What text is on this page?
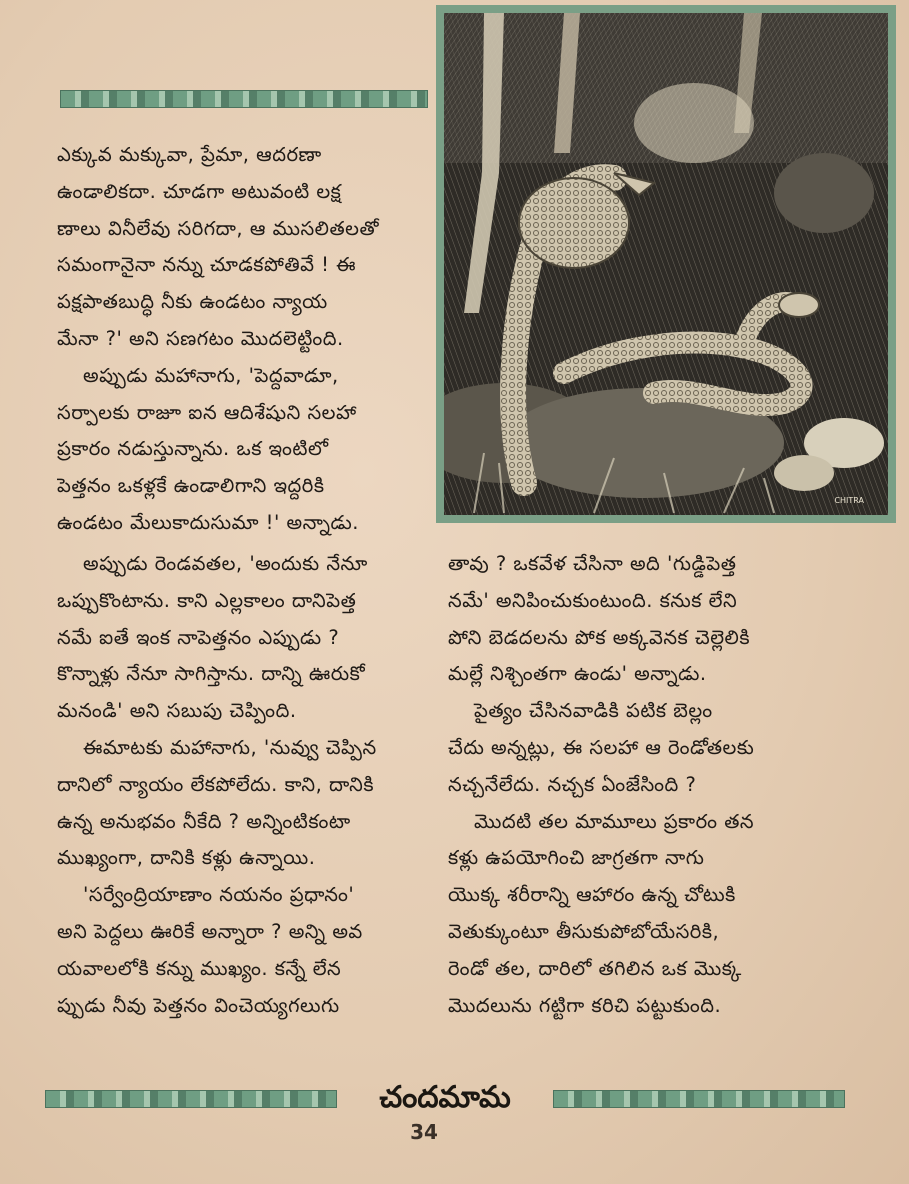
ఎక్కువ మక్కువా, ప్రేమా, ఆదరణా

ఉండాలికదా. చూడగా అటువంటి లక్ష

ణాలు వినీలేవు సరిగదా, ఆ ముసలితలతో

సమంగానైనా నన్ను చూడకపోతివే ! ఈ

పక్షపాతబుద్ధి నీకు ఉండటం న్యాయ

మేనా ?' అని సణగటం మొదలెట్టింది.

అప్పుడు మహానాగు, 'పెద్దవాడూ,

సర్పాలకు రాజూ ఐన ఆదిశేషుని సలహా

ప్రకారం నడుస్తున్నాను. ఒక ఇంటిలో

పెత్తనం ఒకళ్లకే ఉండాలిగాని ఇద్దరికి

ఉండటం మేలుకాదుసుమా !' అన్నాడు.

CHITRA

అప్పుడు రెండవతల, 'అందుకు నేనూ

ఒప్పుకొంటాను. కాని ఎల్లకాలం దానిపెత్త

నమే ఐతే ఇంక నాపెత్తనం ఎప్పుడు ?

కొన్నాళ్లు నేనూ సాగిస్తాను. దాన్ని ఊరుకో

మనండి' అని సబుపు చెప్పింది.

ఈమాటకు మహానాగు, 'నువ్వు చెప్పిన

దానిలో న్యాయం లేకపోలేదు. కాని, దానికి

ఉన్న అనుభవం నీకేది ? అన్నింటికంటా

ముఖ్యంగా, దానికి కళ్లు ఉన్నాయి.

'సర్వేంద్రియాణాం నయనం ప్రధానం'

అని పెద్దలు ఊరికే అన్నారా ? అన్ని అవ

యవాలలోకి కన్ను ముఖ్యం. కన్నే లేన

ప్పుడు నీవు పెత్తనం వించెయ్యగలుగు

తావు ? ఒకవేళ చేసినా అది 'గుడ్డిపెత్త

నమే' అనిపించుకుంటుంది. కనుక లేని

పోని బెడదలను పోక అక్కవెనక చెల్లెలికి

మల్లే నిశ్చింతగా ఉండు' అన్నాడు.

పైత్యం చేసినవాడికి పటిక బెల్లం

చేదు అన్నట్లు, ఈ సలహా ఆ రెండోతలకు

నచ్చనేలేదు. నచ్చక ఏంజేసింది ?

మొదటి తల మామూలు ప్రకారం తన

కళ్లు ఉపయోగించి జాగ్రతగా నాగు

యొక్క శరీరాన్ని ఆహారం ఉన్న చోటుకి

వెతుక్కుంటూ తీసుకుపోబోయేసరికి,

రెండో తల, దారిలో తగిలిన ఒక మొక్క

మొదలును గట్టిగా కరిచి పట్టుకుంది.

చందమామ
34
